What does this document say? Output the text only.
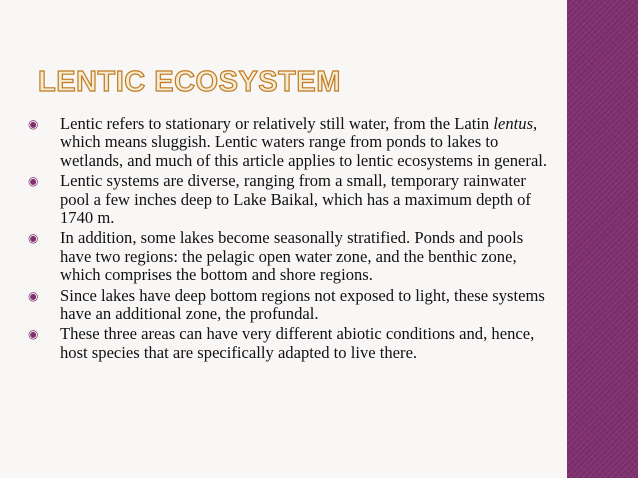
LENTIC ECOSYSTEM
◉ Lentic refers to stationary or relatively still water, from the Latin lentus, which means sluggish. Lentic waters range from ponds to lakes to wetlands, and much of this article applies to lentic ecosystems in general.
◉ Lentic systems are diverse, ranging from a small, temporary rainwater pool a few inches deep to Lake Baikal, which has a maximum depth of 1740 m.
◉ In addition, some lakes become seasonally stratified. Ponds and pools have two regions: the pelagic open water zone, and the benthic zone, which comprises the bottom and shore regions.
◉ Since lakes have deep bottom regions not exposed to light, these systems have an additional zone, the profundal.
◉ These three areas can have very different abiotic conditions and, hence, host species that are specifically adapted to live there.
